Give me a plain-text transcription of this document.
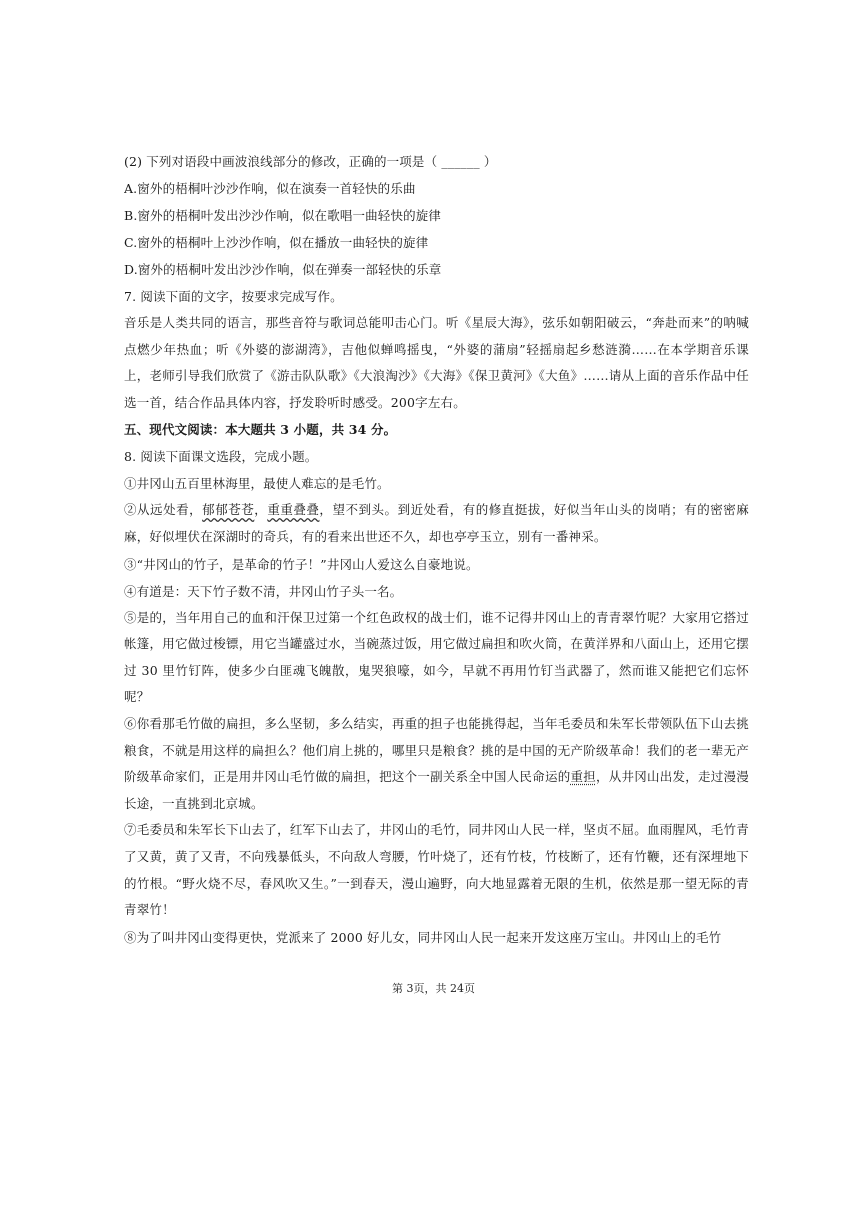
(2) 下列对语段中画波浪线部分的修改，正确的一项是（ ______ ）
A.窗外的梧桐叶沙沙作响，似在演奏一首轻快的乐曲
B.窗外的梧桐叶发出沙沙作响，似在歌唱一曲轻快的旋律
C.窗外的梧桐叶上沙沙作响，似在播放一曲轻快的旋律
D.窗外的梧桐叶发出沙沙作响，似在弹奏一部轻快的乐章
7. 阅读下面的文字，按要求完成写作。
音乐是人类共同的语言，那些音符与歌词总能叩击心门。听《星辰大海》，弦乐如朝阳破云，“奔赴而来”的呐喊点燃少年热血；听《外婆的澎湖湾》，吉他似蝉鸣摇曳，“外婆的蒲扇”轻摇扇起乡愁涟漪……在本学期音乐课上，老师引导我们欣赏了《游击队队歌》《大浪淘沙》《大海》《保卫黄河》《大鱼》……请从上面的音乐作品中任选一首，结合作品具体内容，抒发聆听时感受。200字左右。
五、现代文阅读：本大题共 3 小题，共 34 分。
8. 阅读下面课文选段，完成小题。
①井冈山五百里林海里，最使人难忘的是毛竹。
②从远处看，郁郁苍苍，重重叠叠，望不到头。到近处看，有的修直挺拔，好似当年山头的岗哨；有的密密麻麻，好似埋伏在深湖时的奇兵，有的看来出世还不久，却也亭亭玉立，别有一番神采。
③“井冈山的竹子，是革命的竹子！”井冈山人爱这么自豪地说。
④有道是：天下竹子数不清，井冈山竹子头一名。
⑤是的，当年用自己的血和汗保卫过第一个红色政权的战士们，谁不记得井冈山上的青青翠竹呢？大家用它搭过帐篷，用它做过梭镖，用它当罐盛过水，当碗蒸过饭，用它做过扁担和吹火筒，在黄洋界和八面山上，还用它摆过 30 里竹钉阵，使多少白匪魂飞魄散，鬼哭狼嚎，如今，早就不再用竹钉当武器了，然而谁又能把它们忘怀呢？
⑥你看那毛竹做的扁担，多么坚韧，多么结实，再重的担子也能挑得起，当年毛委员和朱军长带领队伍下山去挑粮食，不就是用这样的扁担么？他们肩上挑的，哪里只是粮食？挑的是中国的无产阶级革命！我们的老一辈无产阶级革命家们，正是用井冈山毛竹做的扁担，把这个一副关系全中国人民命运的重担，从井冈山出发，走过漫漫长途，一直挑到北京城。
⑦毛委员和朱军长下山去了，红军下山去了，井冈山的毛竹，同井冈山人民一样，坚贞不屈。血雨腥风，毛竹青了又黄，黄了又青，不向残暴低头，不向敌人弯腰，竹叶烧了，还有竹枝，竹枝断了，还有竹鞭，还有深埋地下的竹根。“野火烧不尽，春风吹又生。”一到春天，漫山遍野，向大地显露着无限的生机，依然是那一望无际的青青翠竹！
⑧为了叫井冈山变得更快，党派来了 2000 好儿女，同井冈山人民一起来开发这座万宝山。井冈山上的毛竹
第 3页，共 24页
